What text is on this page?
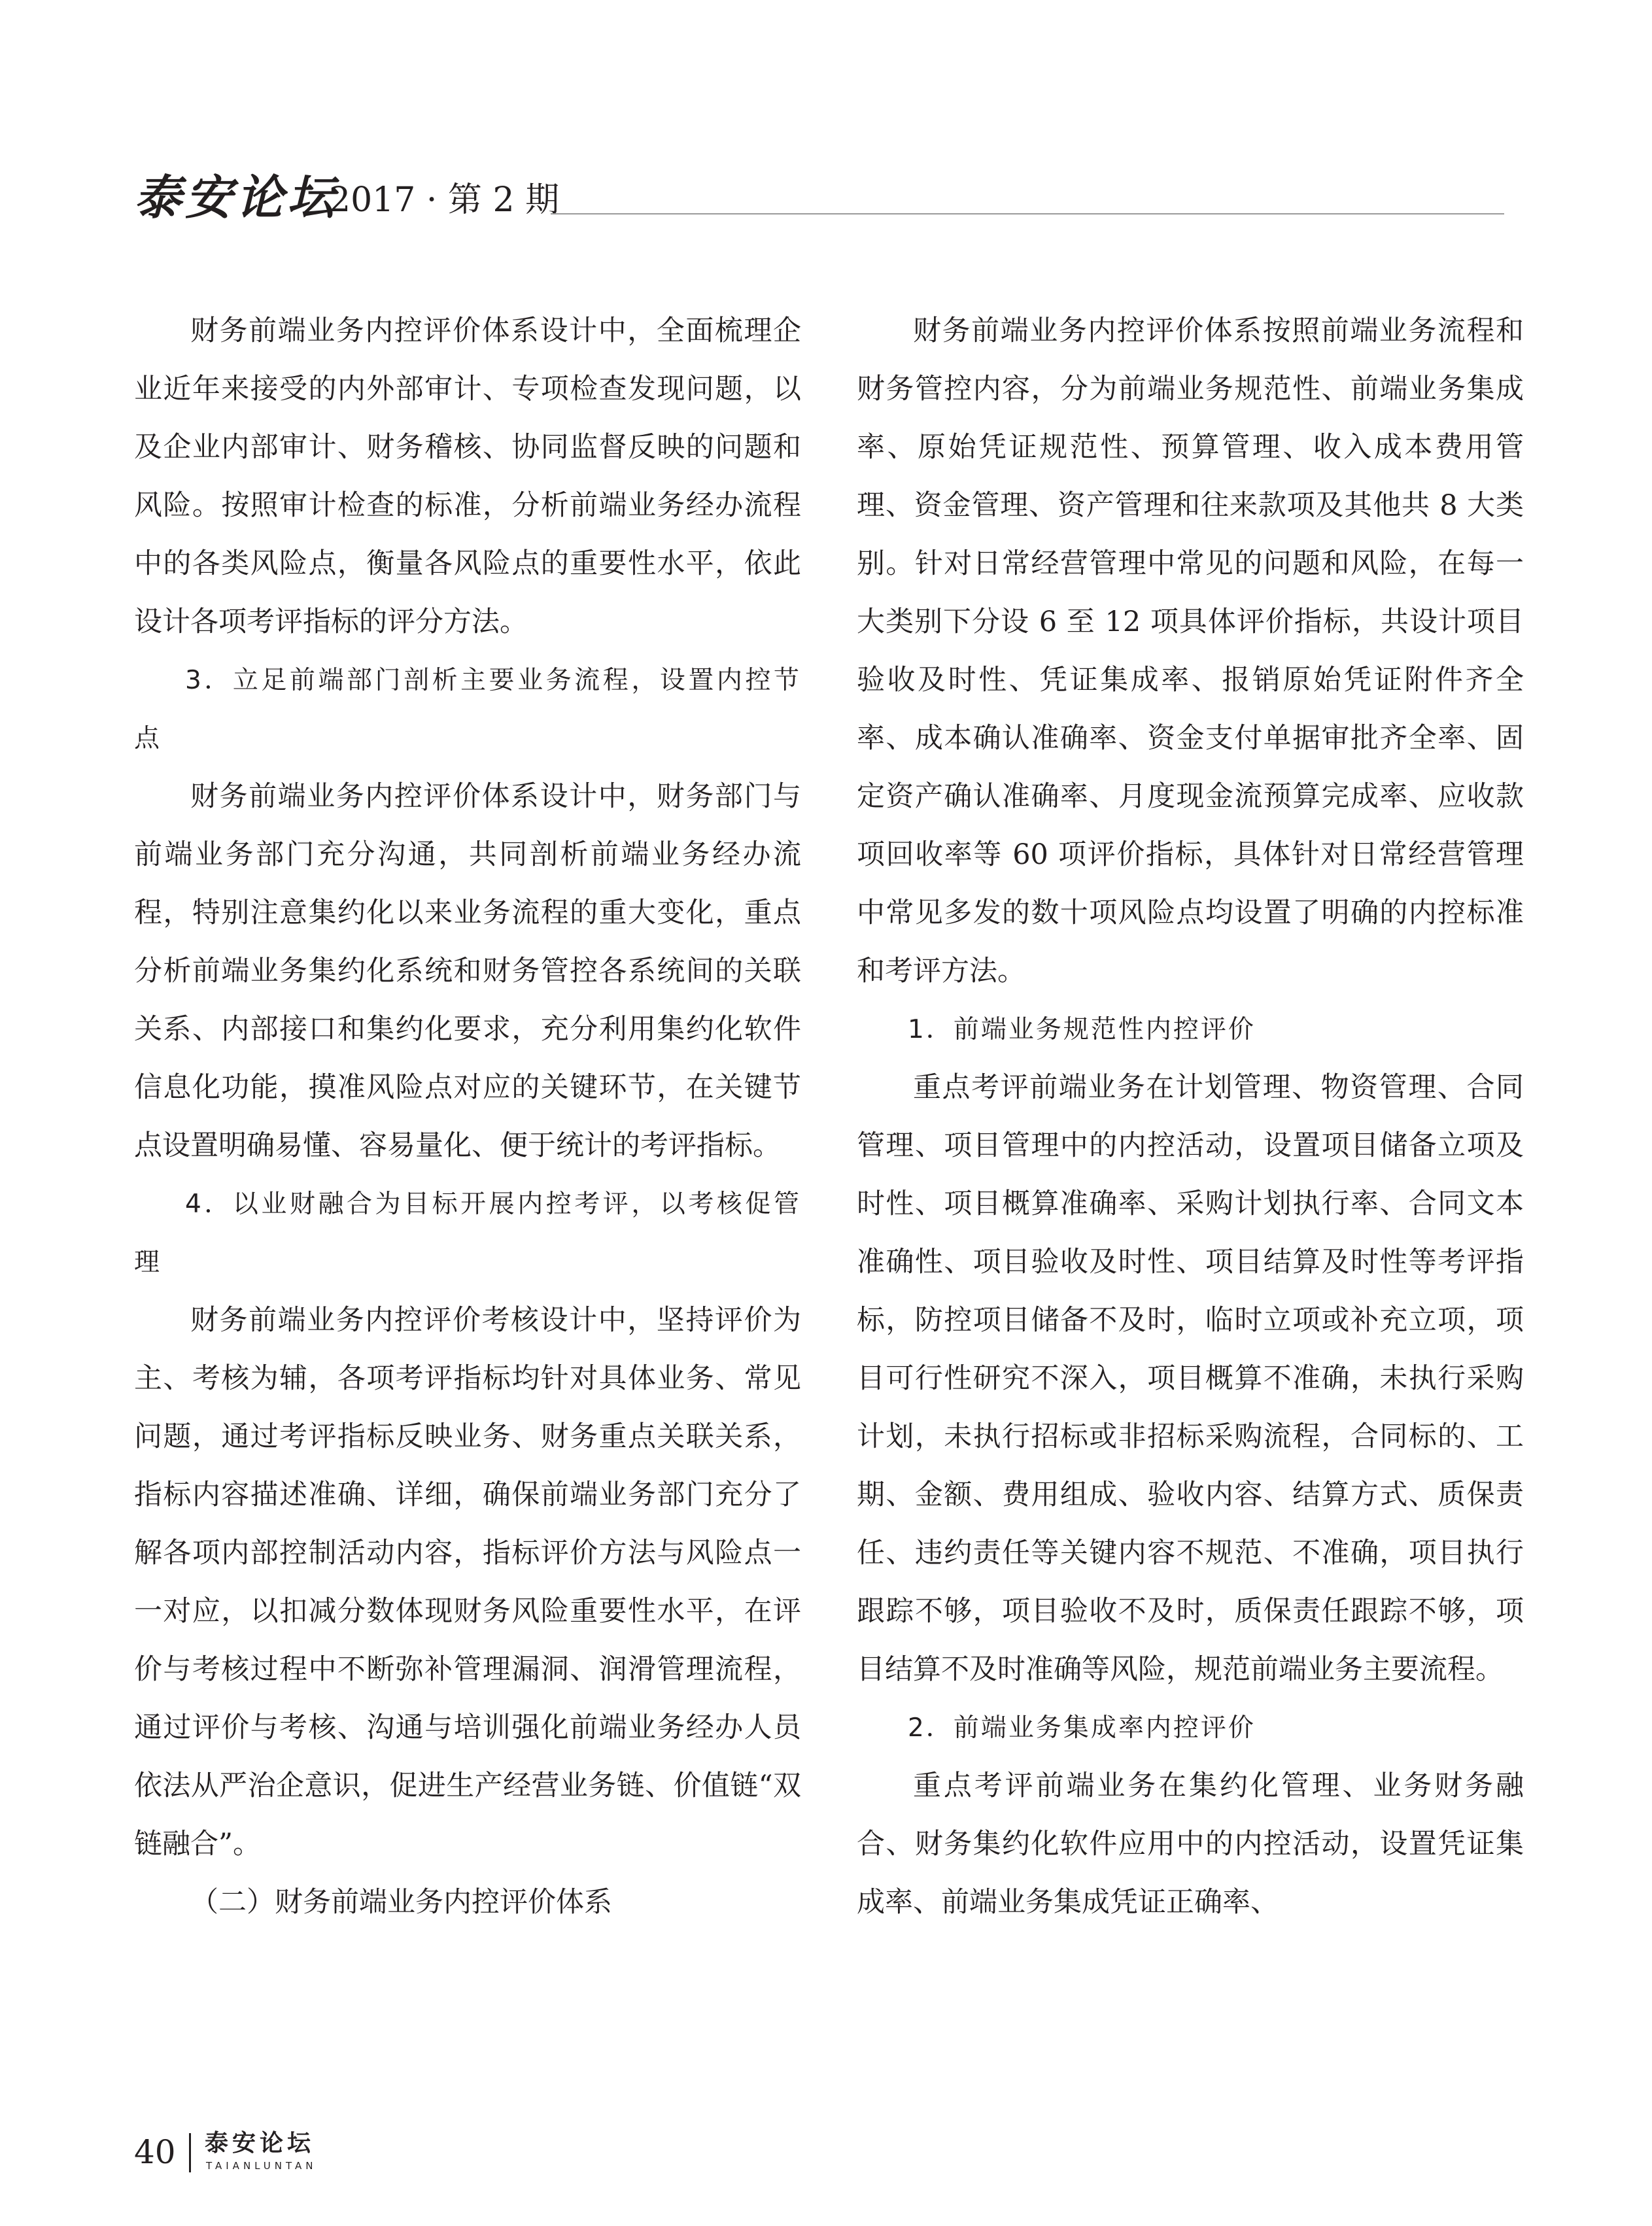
泰安论坛
2017 · 第 2 期

财务前端业务内控评价体系设计中，全面梳理企业近年来接受的内外部审计、专项检查发现问题，以及企业内部审计、财务稽核、协同监督反映的问题和风险。按照审计检查的标准，分析前端业务经办流程中的各类风险点，衡量各风险点的重要性水平，依此设计各项考评指标的评分方法。

3．立足前端部门剖析主要业务流程，设置内控节点

财务前端业务内控评价体系设计中，财务部门与前端业务部门充分沟通，共同剖析前端业务经办流程，特别注意集约化以来业务流程的重大变化，重点分析前端业务集约化系统和财务管控各系统间的关联关系、内部接口和集约化要求，充分利用集约化软件信息化功能，摸准风险点对应的关键环节，在关键节点设置明确易懂、容易量化、便于统计的考评指标。

4．以业财融合为目标开展内控考评，以考核促管理

财务前端业务内控评价考核设计中，坚持评价为主、考核为辅，各项考评指标均针对具体业务、常见问题，通过考评指标反映业务、财务重点关联关系，指标内容描述准确、详细，确保前端业务部门充分了解各项内部控制活动内容，指标评价方法与风险点一一对应，以扣减分数体现财务风险重要性水平，在评价与考核过程中不断弥补管理漏洞、润滑管理流程，通过评价与考核、沟通与培训强化前端业务经办人员依法从严治企意识，促进生产经营业务链、价值链“双链融合”。

（二）财务前端业务内控评价体系

财务前端业务内控评价体系按照前端业务流程和财务管控内容，分为前端业务规范性、前端业务集成率、原始凭证规范性、预算管理、收入成本费用管理、资金管理、资产管理和往来款项及其他共 8 大类别。针对日常经营管理中常见的问题和风险，在每一大类别下分设 6 至 12 项具体评价指标，共设计项目验收及时性、凭证集成率、报销原始凭证附件齐全率、成本确认准确率、资金支付单据审批齐全率、固定资产确认准确率、月度现金流预算完成率、应收款项回收率等 60 项评价指标，具体针对日常经营管理中常见多发的数十项风险点均设置了明确的内控标准和考评方法。

1．前端业务规范性内控评价

重点考评前端业务在计划管理、物资管理、合同管理、项目管理中的内控活动，设置项目储备立项及时性、项目概算准确率、采购计划执行率、合同文本准确性、项目验收及时性、项目结算及时性等考评指标，防控项目储备不及时，临时立项或补充立项，项目可行性研究不深入，项目概算不准确，未执行采购计划，未执行招标或非招标采购流程，合同标的、工期、金额、费用组成、验收内容、结算方式、质保责任、违约责任等关键内容不规范、不准确，项目执行跟踪不够，项目验收不及时，质保责任跟踪不够，项目结算不及时准确等风险，规范前端业务主要流程。

2．前端业务集成率内控评价

重点考评前端业务在集约化管理、业务财务融合、财务集约化软件应用中的内控活动，设置凭证集成率、前端业务集成凭证正确率、

40 泰安论坛
TAIANLUNTAN
